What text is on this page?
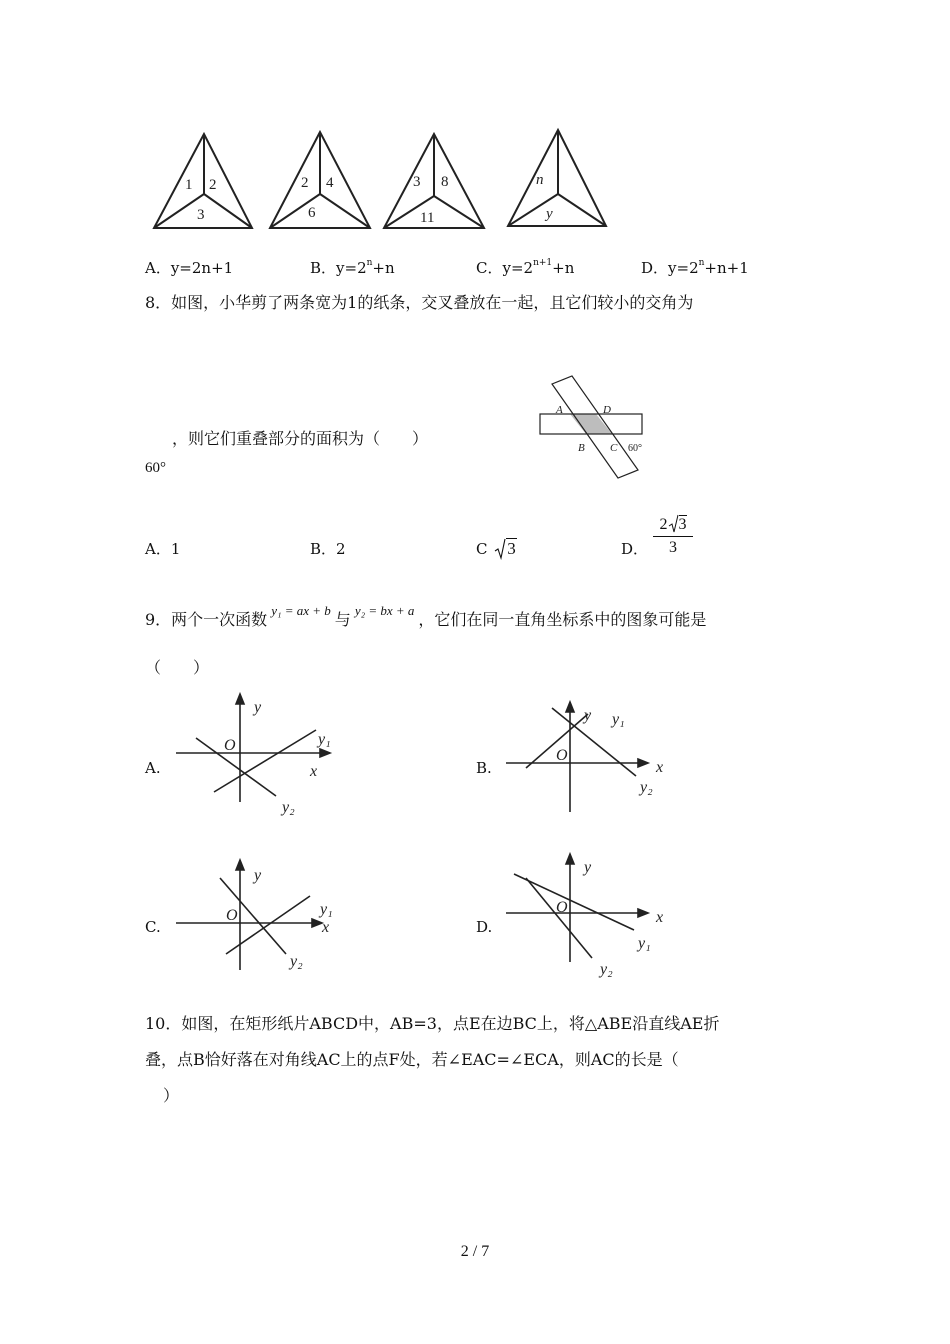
1 2
3
2 4
6
3 8
11
n
y
A．y=2n+1	B．$y=2^n+n$	C．$y=2^{n+1}+n$	D．$y=2^n+n+1$
8．如图，小华剪了两条宽为1的纸条，交叉叠放在一起，且它们较小的交角为
，则它们重叠部分的面积为（　　）
60°
A	D
B C 60°
A．1	B．2	C 3	D． $\frac{2 3}{3}$
9．两个一次函数 $^{y_1 = ax + b}$ 与 $^{y_2 = bx + a}$ ，它们在同一直角坐标系中的图象可能是
（　　）
A.	B.
C.	D.
y
O
x
y₁
y₂
y
O
x
y₁
y₂
y
O
x
y₁
y₂
y
O
x
y₁
y₂
10．如图，在矩形纸片ABCD中，AB=3，点E在边BC上，将△ABE沿直线AE折
叠，点B恰好落在对角线AC上的点F处，若∠EAC=∠ECA，则AC的长是（
）
2 / 7
